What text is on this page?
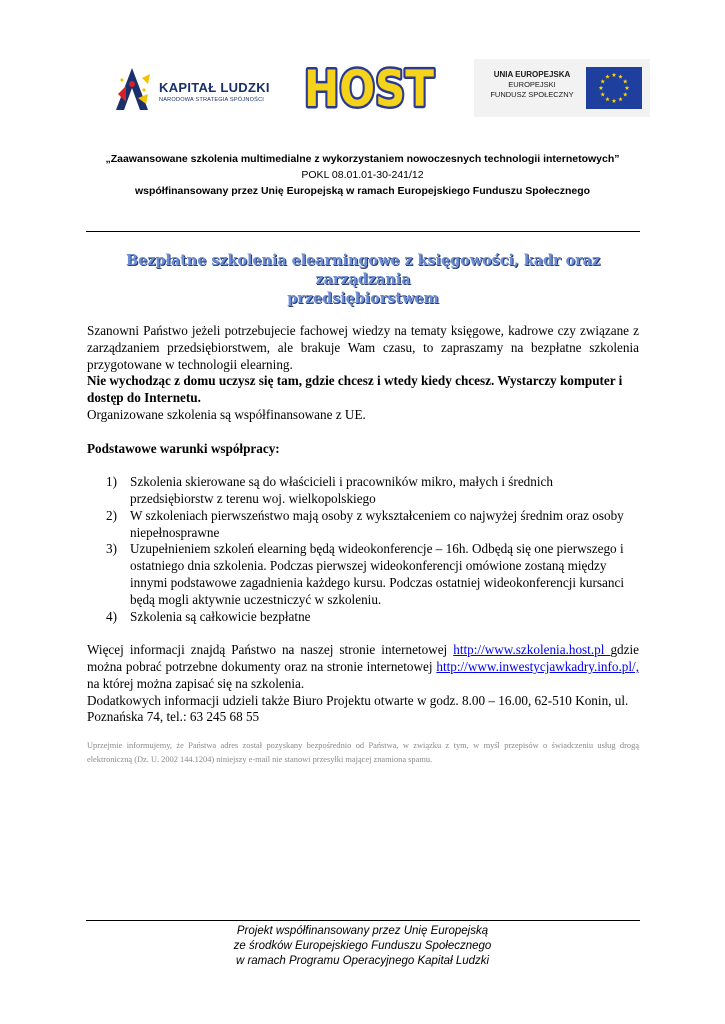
KAPITAŁ LUDZKI
NARODOWA STRATEGIA SPÓJNOŚCI HOST	UNIA EUROPEJSKA
EUROPEJSKI
FUNDUSZ SPOŁECZNY
„Zaawansowane szkolenia multimedialne z wykorzystaniem nowoczesnych technologii internetowych”
POKL 08.01.01-30-241/12
współfinansowany przez Unię Europejską w ramach Europejskiego Funduszu Społecznego
Bezpłatne szkolenia elearningowe z księgowości, kadr oraz zarządzania
przedsiębiorstwem

Szanowni Państwo jeżeli potrzebujecie fachowej wiedzy na tematy księgowe, kadrowe czy związane z zarządzaniem przedsiębiorstwem, ale brakuje Wam czasu, to zapraszamy na bezpłatne szkolenia przygotowane w technologii elearning.

Nie wychodząc z domu uczysz się tam, gdzie chcesz i wtedy kiedy chcesz. Wystarczy komputer i dostęp do Internetu.

Organizowane szkolenia są współfinansowane z UE.

Podstawowe warunki współpracy:

1. 1) Szkolenia skierowane są do właścicieli i pracowników mikro, małych i średnich przedsiębiorstw z terenu woj. wielkopolskiego
2. 2) W szkoleniach pierwszeństwo mają osoby z wykształceniem co najwyżej średnim oraz osoby niepełnosprawne
3. 3) Uzupełnieniem szkoleń elearning będą wideokonferencje – 16h. Odbędą się one pierwszego i ostatniego dnia szkolenia. Podczas pierwszej wideokonferencji omówione zostaną między innymi podstawowe zagadnienia każdego kursu. Podczas ostatniej wideokonferencji kursanci będą mogli aktywnie uczestniczyć w szkoleniu.
4. 4) Szkolenia są całkowicie bezpłatne

Więcej informacji znajdą Państwo na naszej stronie internetowej http://www.szkolenia.host.pl gdzie można pobrać potrzebne dokumenty oraz na stronie internetowej http://www.inwestycjawkadry.info.pl/, na której można zapisać się na szkolenia.

Dodatkowych informacji udzieli także Biuro Projektu otwarte w godz. 8.00 – 16.00, 62-510 Konin, ul. Poznańska 74, tel.: 63 245 68 55

Uprzejmie informujemy, że Państwa adres został pozyskany bezpośrednio od Państwa, w związku z tym, w myśl przepisów o świadczeniu usług drogą elektroniczną (Dz. U. 2002 144.1204) niniejszy e-mail nie stanowi przesyłki mającej znamiona spamu.
Projekt współfinansowany przez Unię Europejską
ze środków Europejskiego Funduszu Społecznego
w ramach Programu Operacyjnego Kapitał Ludzki
